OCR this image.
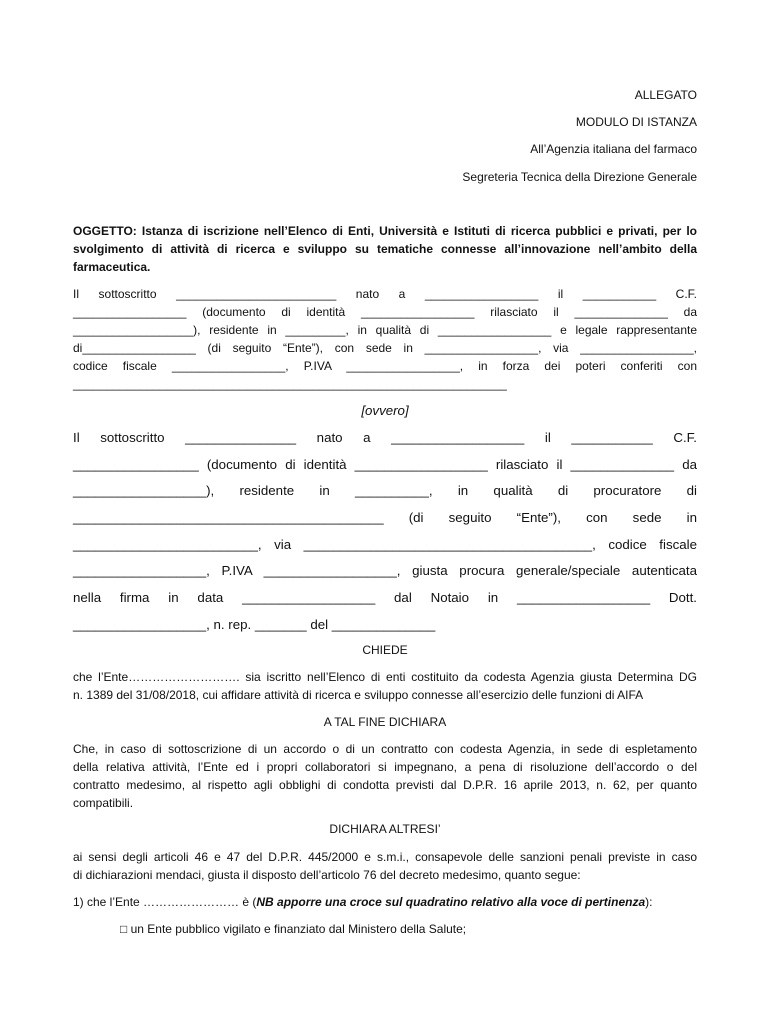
ALLEGATO
MODULO DI ISTANZA
All’Agenzia italiana del farmaco
Segreteria Tecnica della Direzione Generale
OGGETTO: Istanza di iscrizione nell’Elenco di Enti, Università e Istituti di ricerca pubblici e privati, per lo
svolgimento di attività di ricerca e sviluppo su tematiche connesse all’innovazione nell’ambito della
farmaceutica.
Il sottoscritto ________________________ nato a _________________ il ___________ C.F.
_________________ (documento di identità _________________ rilasciato il ______________ da
__________________), residente in _________, in qualità di _________________ e legale rappresentante
di_________________ (di seguito “Ente”), con sede in _________________, via _________________,
codice fiscale _________________, P.IVA _________________, in forza dei poteri conferiti con
_________________________________________________________________
[ovvero]
Il sottoscritto _______________ nato a __________________ il ___________ C.F.
_________________ (documento di identità __________________ rilasciato il ______________ da
__________________), residente in __________, in qualità di procuratore di
__________________________________________ (di seguito “Ente”), con sede in
_________________________, via _______________________________________, codice fiscale
__________________, P.IVA __________________, giusta procura generale/speciale autenticata
nella firma in data __________________ dal Notaio in __________________ Dott.
__________________, n. rep. _______ del ______________
CHIEDE
che l’Ente………………………. sia iscritto nell’Elenco di enti costituito da codesta Agenzia giusta Determina DG
n. 1389 del 31/08/2018, cui affidare attività di ricerca e sviluppo connesse all’esercizio delle funzioni di AIFA
A TAL FINE DICHIARA
Che, in caso di sottoscrizione di un accordo o di un contratto con codesta Agenzia, in sede di espletamento
della relativa attività, l’Ente ed i propri collaboratori si impegnano, a pena di risoluzione dell’accordo o del
contratto medesimo, al rispetto agli obblighi di condotta previsti dal D.P.R. 16 aprile 2013, n. 62, per quanto
compatibili.
DICHIARA ALTRESI’
ai sensi degli articoli 46 e 47 del D.P.R. 445/2000 e s.m.i., consapevole delle sanzioni penali previste in caso
di dichiarazioni mendaci, giusta il disposto dell’articolo 76 del decreto medesimo, quanto segue:
1) che l’Ente …………………… è (NB apporre una croce sul quadratino relativo alla voce di pertinenza):
□ un Ente pubblico vigilato e finanziato dal Ministero della Salute;
